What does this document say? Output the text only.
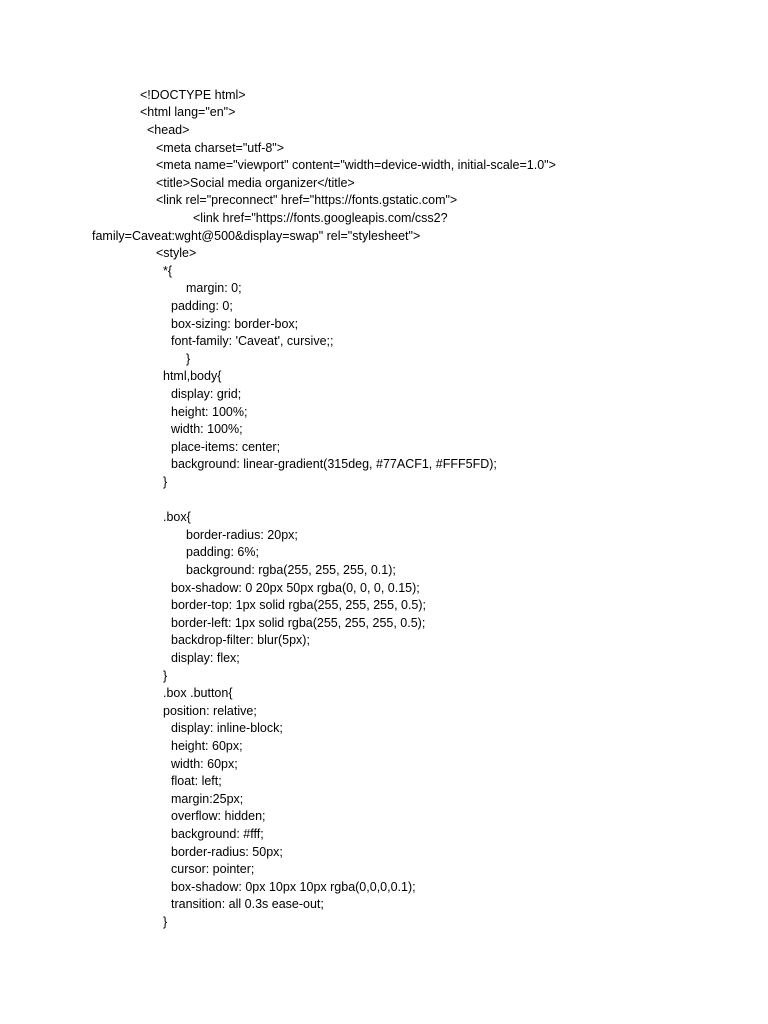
<!DOCTYPE html>
<html lang="en">
<head>
<meta charset="utf-8">
<meta name="viewport" content="width=device-width, initial-scale=1.0">
<title>Social media organizer</title>
<link rel="preconnect" href="https://fonts.gstatic.com">
<link href="https://fonts.googleapis.com/css2?
family=Caveat:wght@500&display=swap" rel="stylesheet">
<style>
*{
margin: 0;
padding: 0;
box-sizing: border-box;
font-family: 'Caveat', cursive;;
}
html,body{
display: grid;
height: 100%;
width: 100%;
place-items: center;
background: linear-gradient(315deg, #77ACF1, #FFF5FD);
}
.box{
border-radius: 20px;
padding: 6%;
background: rgba(255, 255, 255, 0.1);
box-shadow: 0 20px 50px rgba(0, 0, 0, 0.15);
border-top: 1px solid rgba(255, 255, 255, 0.5);
border-left: 1px solid rgba(255, 255, 255, 0.5);
backdrop-filter: blur(5px);
display: flex;
}
.box .button{
position: relative;
display: inline-block;
height: 60px;
width: 60px;
float: left;
margin:25px;
overflow: hidden;
background: #fff;
border-radius: 50px;
cursor: pointer;
box-shadow: 0px 10px 10px rgba(0,0,0,0.1);
transition: all 0.3s ease-out;
}
